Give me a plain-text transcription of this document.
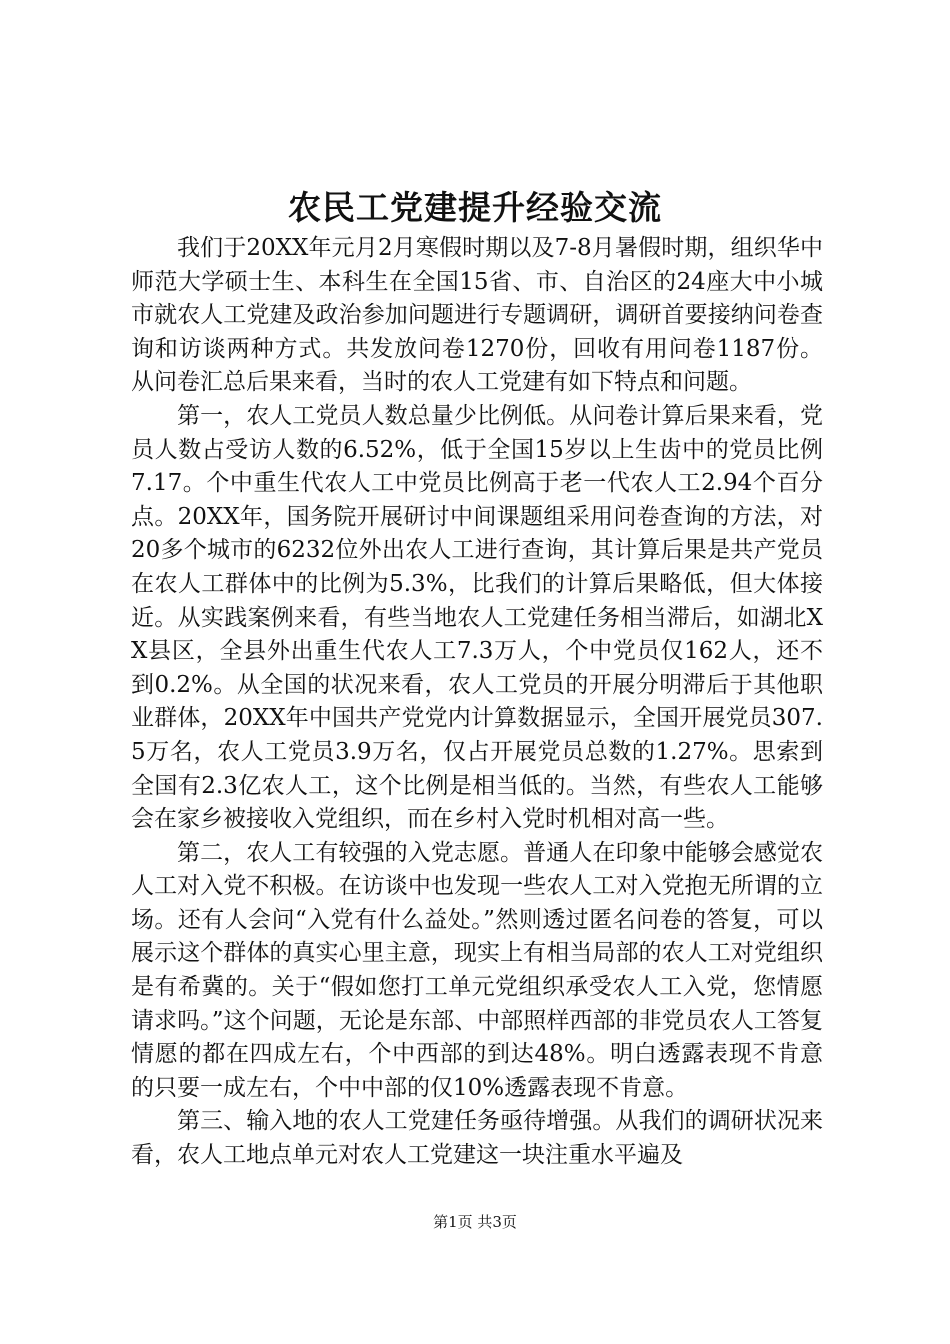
农民工党建提升经验交流

我们于20XX年元月2月寒假时期以及7-8月暑假时期，组织华中师范大学硕士生、本科生在全国15省、市、自治区的24座大中小城市就农人工党建及政治参加问题进行专题调研，调研首要接纳问卷查询和访谈两种方式。共发放问卷1270份，回收有用问卷1187份。从问卷汇总后果来看，当时的农人工党建有如下特点和问题。

第一，农人工党员人数总量少比例低。从问卷计算后果来看，党员人数占受访人数的6.52%，低于全国15岁以上生齿中的党员比例7.17。个中重生代农人工中党员比例高于老一代农人工2.94个百分点。20XX年，国务院开展研讨中间课题组采用问卷查询的方法，对20多个城市的6232位外出农人工进行查询，其计算后果是共产党员在农人工群体中的比例为5.3%，比我们的计算后果略低，但大体接近。从实践案例来看，有些当地农人工党建任务相当滞后，如湖北XX县区，全县外出重生代农人工7.3万人，个中党员仅162人，还不到0.2%。从全国的状况来看，农人工党员的开展分明滞后于其他职业群体，20XX年中国共产党党内计算数据显示，全国开展党员307.5万名，农人工党员3.9万名，仅占开展党员总数的1.27%。思索到全国有2.3亿农人工，这个比例是相当低的。当然，有些农人工能够会在家乡被接收入党组织，而在乡村入党时机相对高一些。

第二，农人工有较强的入党志愿。普通人在印象中能够会感觉农人工对入党不积极。在访谈中也发现一些农人工对入党抱无所谓的立场。还有人会问“入党有什么益处。”然则透过匿名问卷的答复，可以展示这个群体的真实心里主意，现实上有相当局部的农人工对党组织是有希冀的。关于“假如您打工单元党组织承受农人工入党，您情愿请求吗。”这个问题，无论是东部、中部照样西部的非党员农人工答复情愿的都在四成左右，个中西部的到达48%。明白透露表现不肯意的只要一成左右，个中中部的仅10%透露表现不肯意。

第三、输入地的农人工党建任务亟待增强。从我们的调研状况来看，农人工地点单元对农人工党建这一块注重水平遍及

第1页 共3页
